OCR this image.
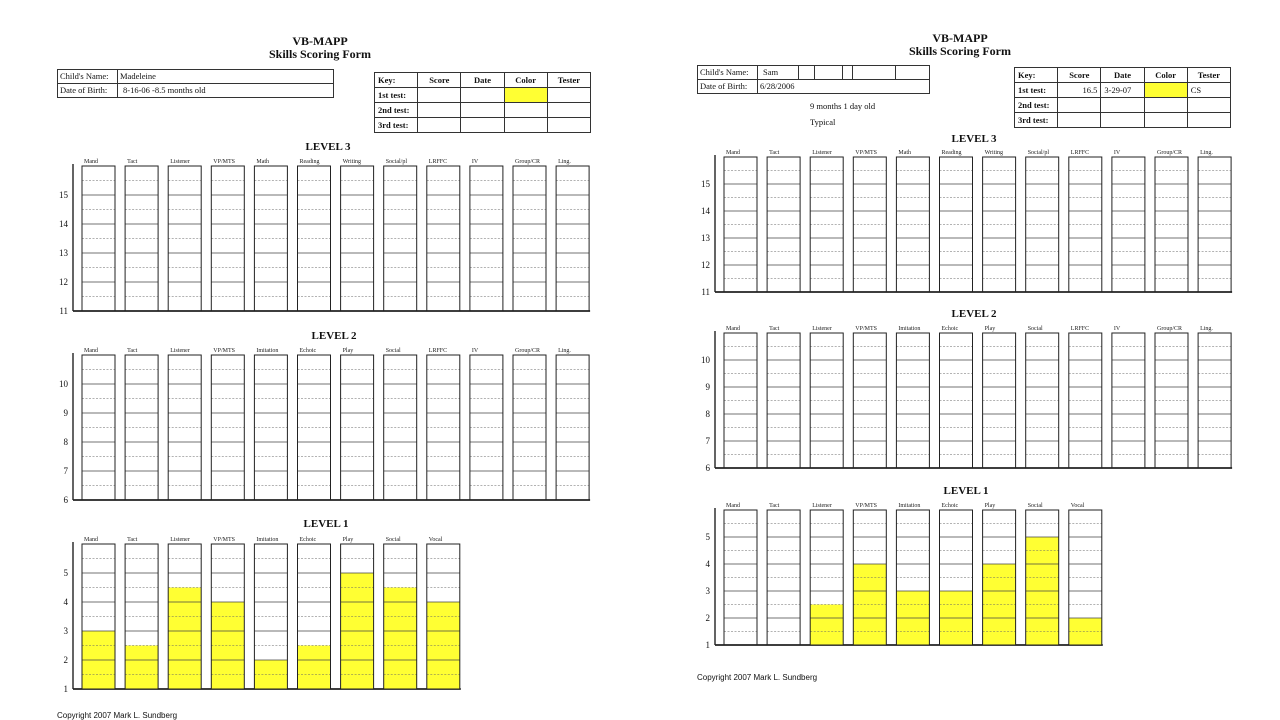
VB-MAPP
Skills Scoring Form
Child's Name:	Madeleine
Date of Birth:	8-16-06 -8.5 months old
Key:	Score	Date	Color	Tester
1st test:				
2nd test:				
3rd test:				
LEVEL 3
11
12
13
14
15
Mand	Tact	Listener	VP/MTS	Math	Reading	Writing	Social/pl	LRFFC	IV	Group/CR	Ling.
LEVEL 2
6
7
8
9
10
Mand	Tact	Listener	VP/MTS	Imitation	Echoic	Play	Social	LRFFC	IV	Group/CR	Ling.
LEVEL 1
1
2
3
4
5
Mand	Tact	Listener	VP/MTS	Imitation	Echoic	Play	Social	Vocal
Copyright 2007 Mark L. Sundberg
VB-MAPP
Skills Scoring Form
Child's Name:	Sam
Date of Birth:	6/28/2006
9 months 1 day old
Typical
Key:	Score	Date	Color	Tester
1st test:	16.5	3-29-07		CS
2nd test:				
3rd test:				
LEVEL 3
11
12
13
14
15
Mand	Tact	Listener	VP/MTS	Math	Reading	Writing	Social/pl	LRFFC	IV	Group/CR	Ling.
LEVEL 2
6
7
8
9
10
Mand	Tact	Listener	VP/MTS	Imitation	Echoic	Play	Social	LRFFC	IV	Group/CR	Ling.
LEVEL 1
1
2
3
4
5
Mand	Tact	Listener	VP/MTS	Imitation	Echoic	Play	Social	Vocal
Copyright 2007 Mark L. Sundberg
